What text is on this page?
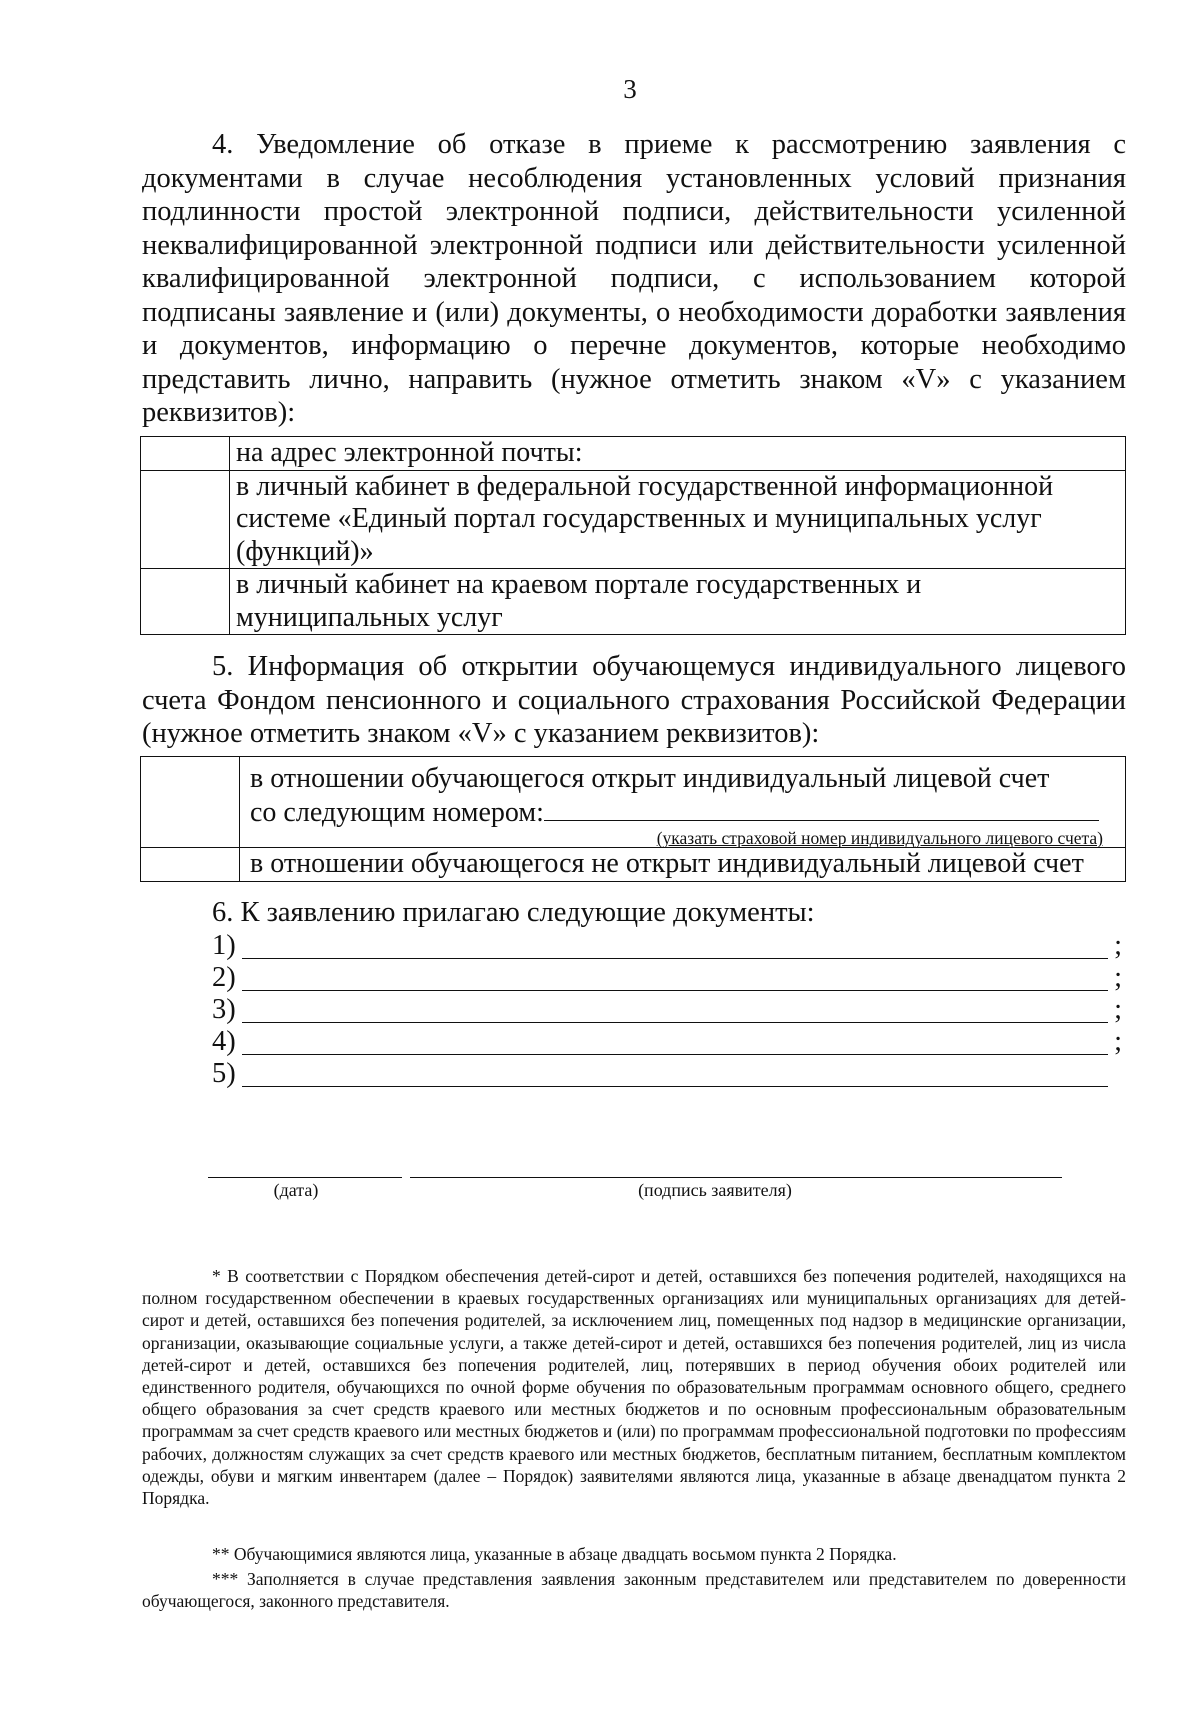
3
4. Уведомление об отказе в приеме к рассмотрению заявления с документами в случае несоблюдения установленных условий признания подлинности простой электронной подписи, действительности усиленной неквалифицированной электронной подписи или действительности усиленной квалифицированной электронной подписи, с использованием которой подписаны заявление и (или) документы, о необходимости доработки заявления и документов, информацию о перечне документов, которые необходимо представить лично, направить (нужное отметить знаком «V» с указанием реквизитов):
	на адрес электронной почты:
	в личный кабинет в федеральной государственной информационной системе «Единый портал государственных и муниципальных услуг (функций)»
	в личный кабинет на краевом портале государственных и муниципальных услуг
5. Информация об открытии обучающемуся индивидуального лицевого счета Фондом пенсионного и социального страхования Российской Федерации (нужное отметить знаком «V» с указанием реквизитов):

	в отношении обучающегося открыт индивидуальный лицевой счет
со следующим номером:
(указать страховой номер индивидуального лицевого счета)

	в отношении обучающегося не открыт индивидуальный лицевой счет
6. К заявлению прилагаю следующие документы:
1)	;
2)	;
3)	;
4)	;
5)
(дата)	(подпись заявителя)
* В соответствии с Порядком обеспечения детей-сирот и детей, оставшихся без попечения родителей, находящихся на полном государственном обеспечении в краевых государственных организациях или муниципальных организациях для детей-сирот и детей, оставшихся без попечения родителей, за исключением лиц, помещенных под надзор в медицинские организации, организации, оказывающие социальные услуги, а также детей-сирот и детей, оставшихся без попечения родителей, лиц из числа детей-сирот и детей, оставшихся без попечения родителей, лиц, потерявших в период обучения обоих родителей или единственного родителя, обучающихся по очной форме обучения по образовательным программам основного общего, среднего общего образования за счет средств краевого или местных бюджетов и по основным профессиональным образовательным программам за счет средств краевого или местных бюджетов и (или) по программам профессиональной подготовки по профессиям рабочих, должностям служащих за счет средств краевого или местных бюджетов, бесплатным питанием, бесплатным комплектом одежды, обуви и мягким инвентарем (далее – Порядок) заявителями являются лица, указанные в абзаце двенадцатом пункта 2 Порядка.
** Обучающимися являются лица, указанные в абзаце двадцать восьмом пункта 2 Порядка.
*** Заполняется в случае представления заявления законным представителем или представителем по доверенности обучающегося, законного представителя.
